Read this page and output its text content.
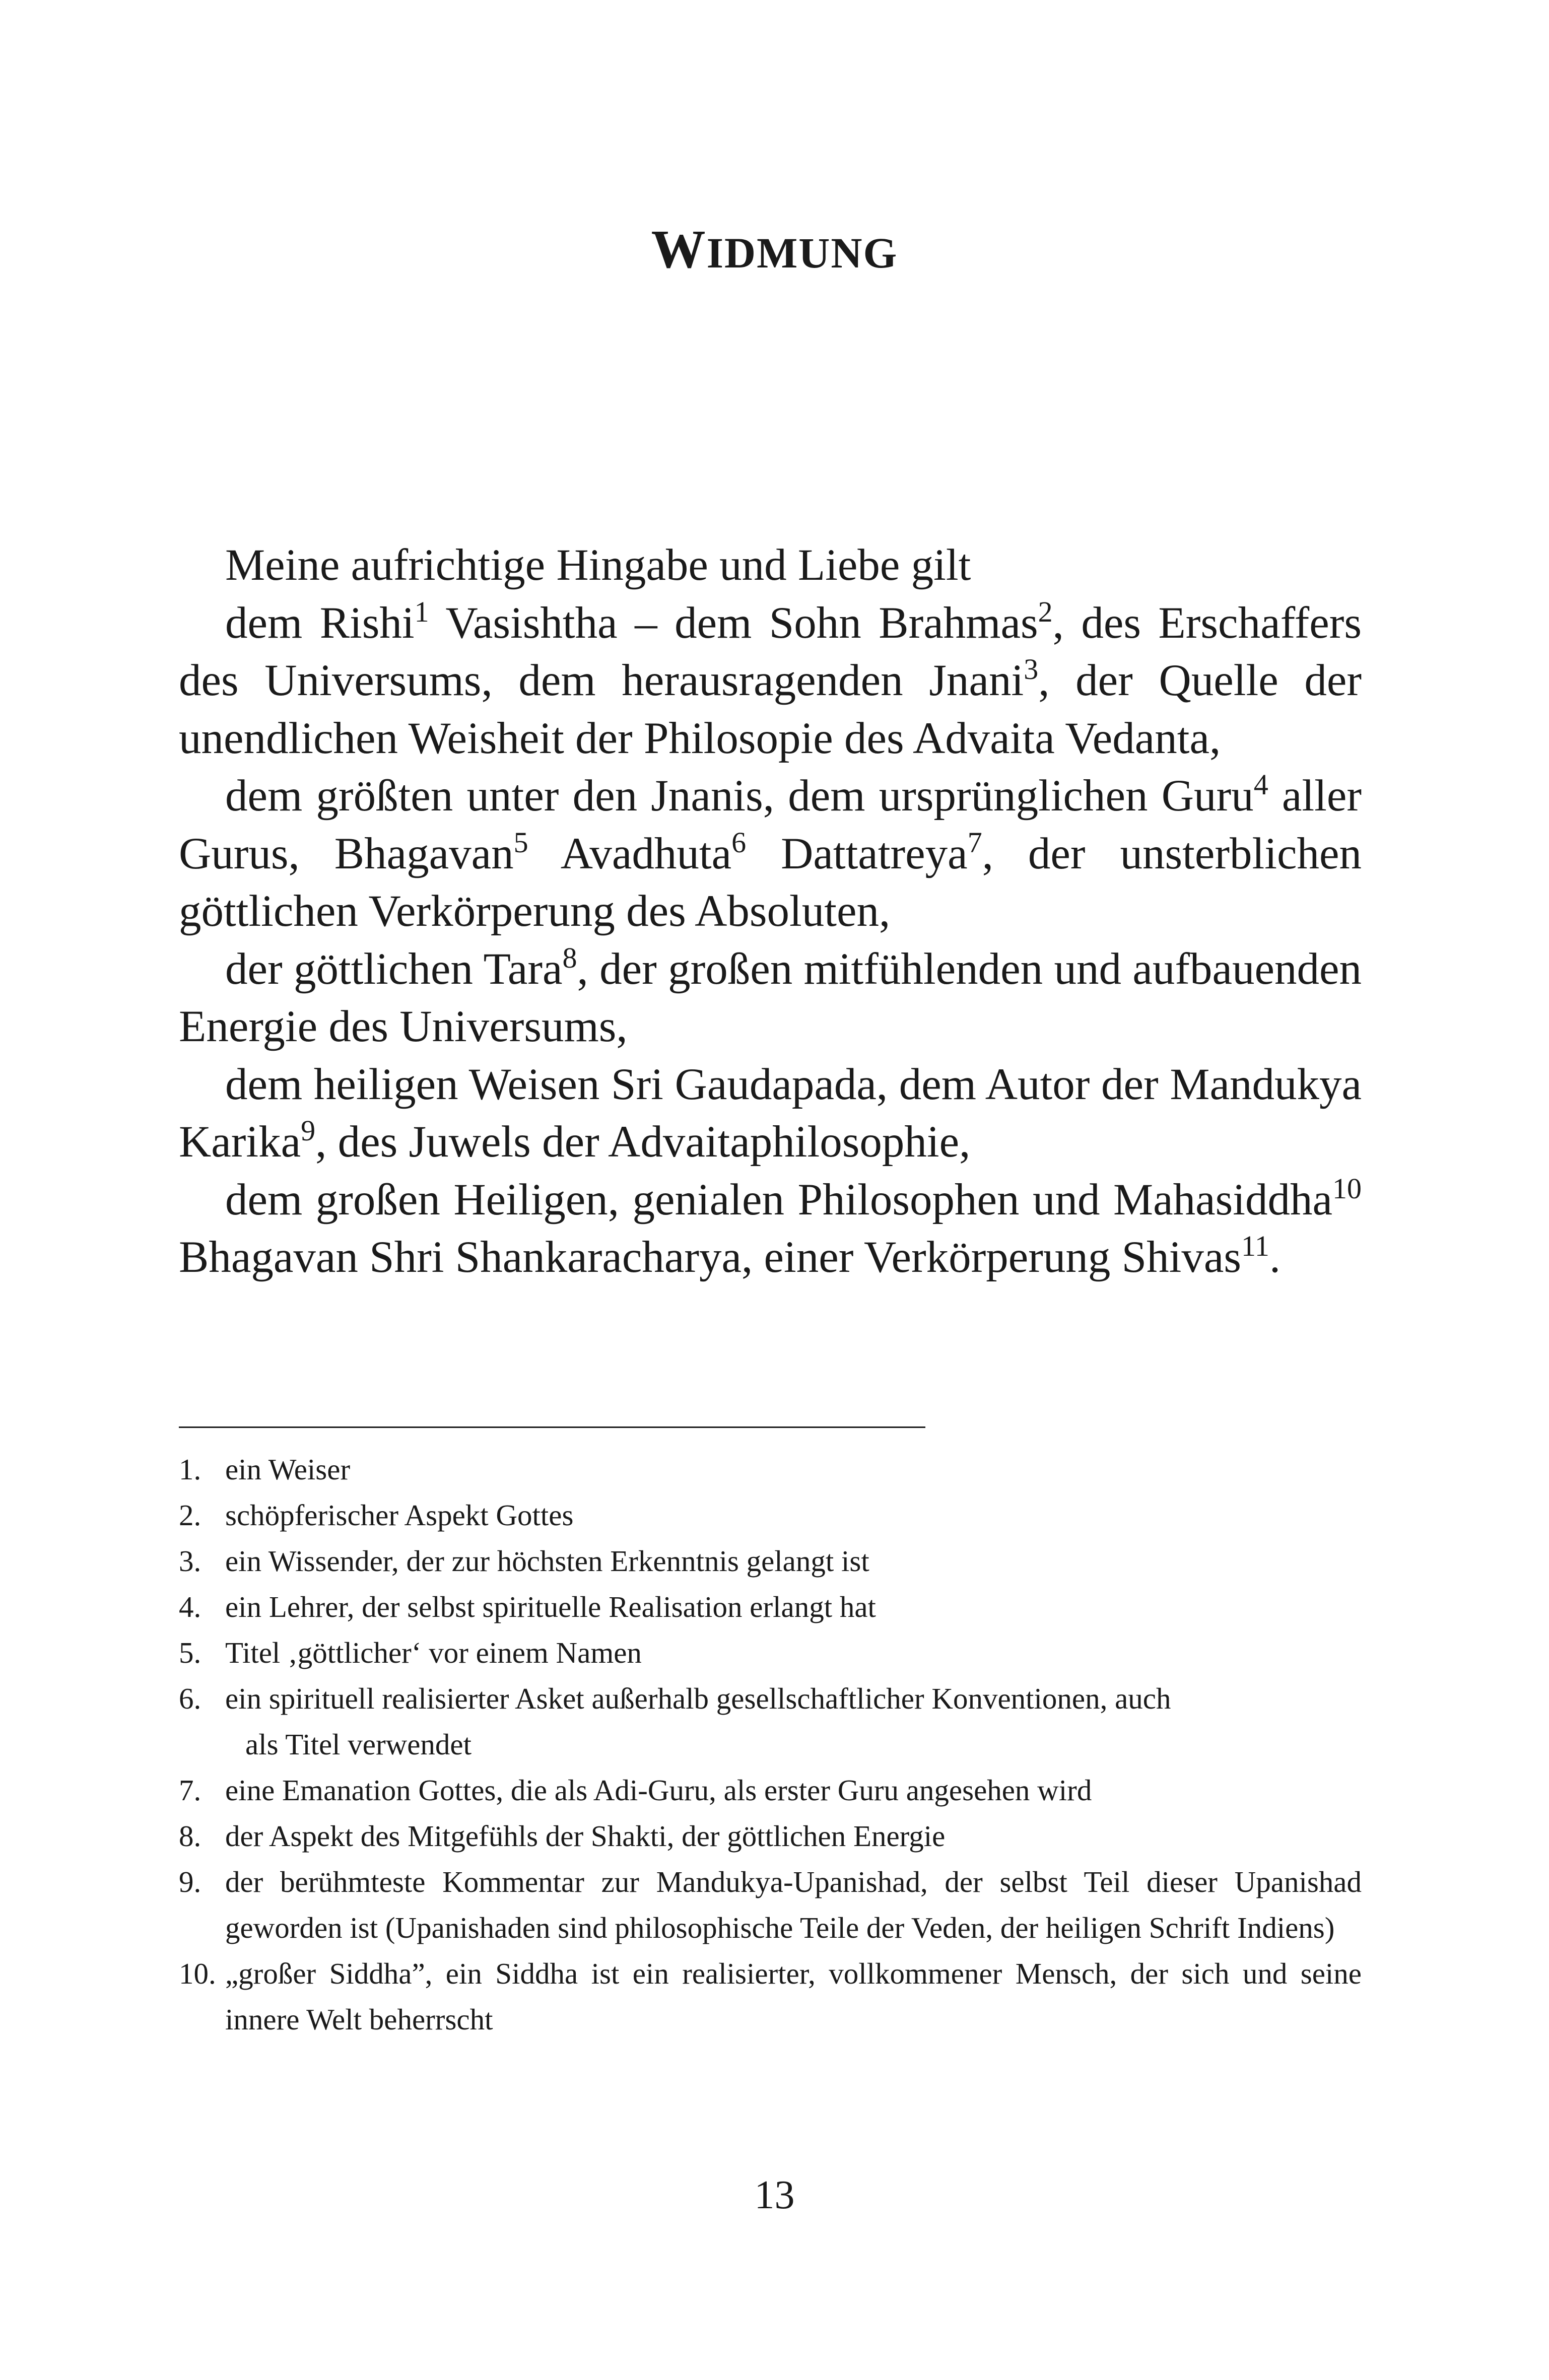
WIDMUNG

Meine aufrichtige Hingabe und Liebe gilt

dem Rishi$^1$ Vasishtha – dem Sohn Brahmas$^2$, des Erschaffers des Universums, dem herausragenden Jnani$^3$, der Quelle der unendlichen Weisheit der Philosopie des Advaita Vedanta,

dem größten unter den Jnanis, dem ursprünglichen Guru$^4$ aller Gurus, Bhagavan$^5$ Avadhuta$^6$ Dattatreya$^7$, der unsterblichen göttlichen Verkörperung des Absoluten,

der göttlichen Tara$^8$, der großen mitfühlenden und aufbauenden Energie des Universums,

dem heiligen Weisen Sri Gaudapada, dem Autor der Mandukya Karika$^9$, des Juwels der Advaitaphilosophie,

dem großen Heiligen, genialen Philosophen und Mahasiddha$^{10}$ Bhagavan Shri Shankaracharya, einer Verkörperung Shivas$^{11}$.

1. ein Weiser
2. schöpferischer Aspekt Gottes
3. ein Wissender, der zur höchsten Erkenntnis gelangt ist
4. ein Lehrer, der selbst spirituelle Realisation erlangt hat
5. Titel ‚göttlicher‘ vor einem Namen
6. ein spirituell realisierter Asket außerhalb gesellschaftlicher Konventionen, auch
als Titel verwendet
7. eine Emanation Gottes, die als Adi-Guru, als erster Guru angesehen wird
8. der Aspekt des Mitgefühls der Shakti, der göttlichen Energie
9. der berühmteste Kommentar zur Mandukya-Upanishad, der selbst Teil dieser Upanishad geworden ist (Upanishaden sind philosophische Teile der Veden, der heiligen Schrift Indiens)
10. „großer Siddha”, ein Siddha ist ein realisierter, vollkommener Mensch, der sich und seine innere Welt beherrscht
13
